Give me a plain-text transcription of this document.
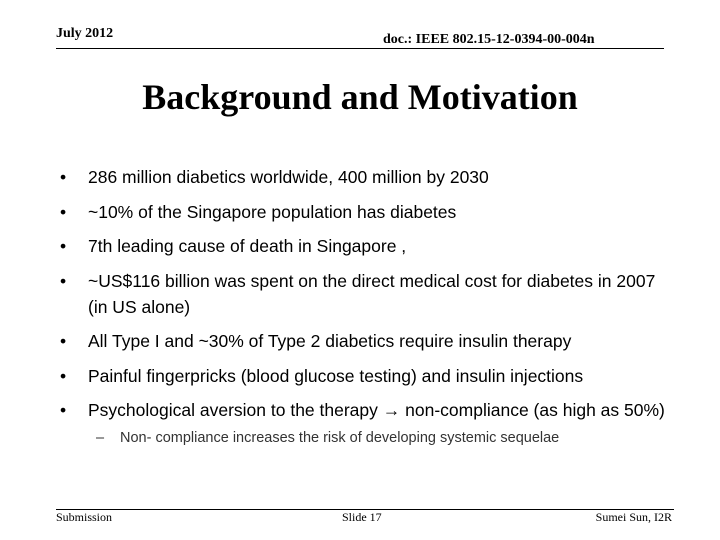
July 2012	doc.: IEEE 802.15-12-0394-00-004n
Background and Motivation
• 286 million diabetics worldwide, 400 million by 2030
• ~10% of the Singapore population has diabetes
• 7th leading cause of death in Singapore ,
• ~US$116 billion was spent on the direct medical cost for diabetes in 2007 (in US alone)
• All Type I and ~30% of Type 2 diabetics require insulin therapy
• Painful fingerpricks (blood glucose testing) and insulin injections
• Psychological aversion to the therapy → non-compliance (as high as 50%)
– Non- compliance increases the risk of developing systemic sequelae
Submission	Slide 17	Sumei Sun, I2R
